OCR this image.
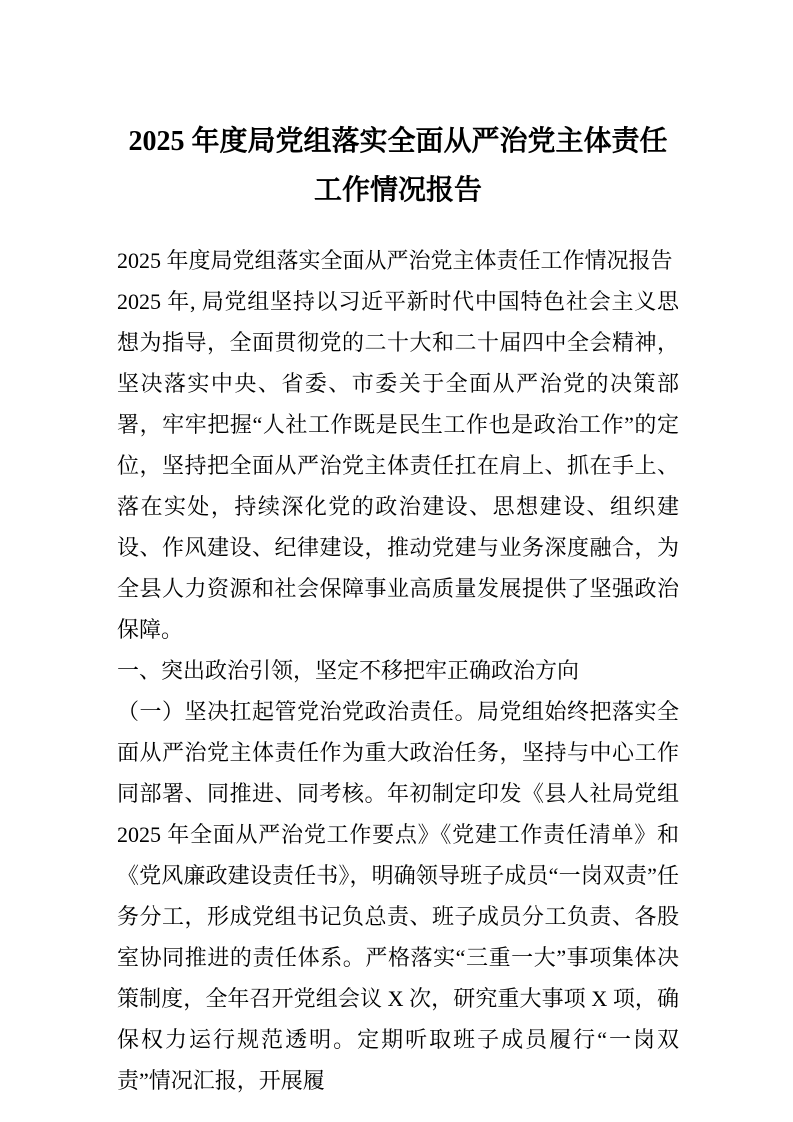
2025 年度局党组落实全面从严治党主体责任工作情况报告

2025 年度局党组落实全面从严治党主体责任工作情况报告

2025 年, 局党组坚持以习近平新时代中国特色社会主义思想为指导，全面贯彻党的二十大和二十届四中全会精神，坚决落实中央、省委、市委关于全面从严治党的决策部署，牢牢把握“人社工作既是民生工作也是政治工作”的定位，坚持把全面从严治党主体责任扛在肩上、抓在手上、落在实处，持续深化党的政治建设、思想建设、组织建设、作风建设、纪律建设，推动党建与业务深度融合，为全县人力资源和社会保障事业高质量发展提供了坚强政治保障。

一、突出政治引领，坚定不移把牢正确政治方向

（一）坚决扛起管党治党政治责任。局党组始终把落实全面从严治党主体责任作为重大政治任务，坚持与中心工作同部署、同推进、同考核。年初制定印发《县人社局党组 2025 年全面从严治党工作要点》《党建工作责任清单》和《党风廉政建设责任书》，明确领导班子成员“一岗双责”任务分工，形成党组书记负总责、班子成员分工负责、各股室协同推进的责任体系。严格落实“三重一大”事项集体决策制度，全年召开党组会议 X 次，研究重大事项 X 项，确保权力运行规范透明。定期听取班子成员履行“一岗双责”情况汇报，开展履
